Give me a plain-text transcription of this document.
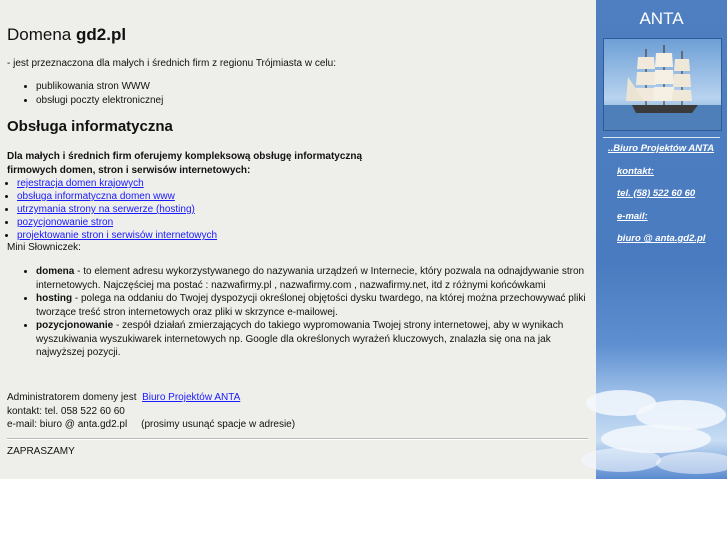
Domena gd2.pl
- jest przeznaczona dla małych i średnich firm z regionu Trójmiasta w celu:
• publikowania stron WWW
• obsługi poczty elektronicznej
Obsługa informatyczna
Dla małych i średnich firm oferujemy kompleksową obsługę informatyczną
firmowych domen, stron i serwisów internetowych:
• rejestracja domen krajowych
• obsługa informatyczna domen www
• utrzymania strony na serwerze (hosting)
• pozycjonowanie stron
• projektowanie stron i serwisów internetowych
Mini Słowniczek:
• domena - to element adresu wykorzystywanego do nazywania urządzeń w Internecie, który pozwala na odnajdywanie stron internetowych. Najczęściej ma postać : nazwafirmy.pl , nazwafirmy.com , nazwafirmy.net, itd z różnymi końcówkami
• hosting - polega na oddaniu do Twojej dyspozycji określonej objętości dysku twardego, na której można przechowywać pliki tworzące treść stron internetowych oraz pliki w skrzynce e-mailowej.
• pozycjonowanie - zespół działań zmierzających do takiego wypromowania Twojej strony internetowej, aby w wynikach wyszukiwania wyszukiwarek internetowych np. Google dla określonych wyrażeń kluczowych, znalazła się ona na jak najwyższej pozycji.
Administratorem domeny jest Biuro Projektów ANTA
kontakt: tel. 058 522 60 60
e-mail: biuro @ anta.gd2.pl (prosimy usunąć spacje w adresie)
ZAPRASZAMY
ANTA
..Biuro Projektów ANTA
kontakt:
tel. (58) 522 60 60
e-mail:
biuro @ anta.gd2.pl
